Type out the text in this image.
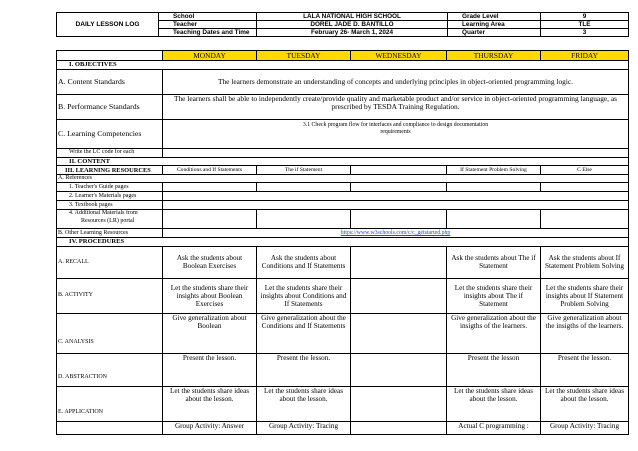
DAILY LESSON LOG	School	LALA NATIONAL HIGH SCHOOL	Grade Level	9
	Teacher	DOREL JADE D. BANTILLO	Learning Area	TLE
	Teaching Dates and Time	February 26- March 1, 2024	Quarter	3
	MONDAY	TUESDAY	WEDNESDAY	THURSDAY	FRIDAY
I. OBJECTIVES					
A. Content Standards	The learners demonstrate an understanding of concepts and underlying principles in object-oriented programming logic.				
B. Performance Standards	The learners shall be able to independently create/provide quality and marketable product and/or service in object-oriented programming language, as prescribed by TESDA Training Regulation.				
C. Learning Competencies	3.1 Check program flow for interfaces and compliance to design documentation requirements				
Write the LC code for each					
II. CONTENT					
III. LEARNING RESOURCES	Conditions and If Statements	The if Statement		If Statement Problem Solving	C Else
A. References					
1. Teacher's Guide pages					
2. Learner's Materials pages					
3. Textbook pages					

4. Additional Materials from
Resources (LR) portal					

B. Other Learning Resources	https://www.w3schools.com/c/c_getstarted.php				
IV. PROCEDURES					
A. RECALL	Ask the students about Boolean Exercises	Ask the students about Conditions and If Statements		Ask the students about The if Statement	Ask the students about If Statement Problem Solving
B. ACTIVITY	Let the students share their insights about Boolean Exercises	Let the students share their insights about Conditions and If Statements		Let the students share their insights about The if Statement	Let the students share their insights about If Statement Problem Solving
C. ANALYSIS	Give generalization about Boolean	Give generalization about the Conditions and If Statements		Give generalization about the insigths of the learners.	Give generalization about the insigths of the learners.
D. ABSTRACTION	Present the lesson.	Present the lesson.		Present the lesson	Present the lesson.
E. APPLICATION	Let the students share ideas about the lesson.	Let the students share ideas about the lesson.		Let the students share ideas about the lesson.	Let the students share ideas about the lesson.
	Group Activity: Answer	Group Activity: Tracing		Actual C programming :	Group Activity: Tracing
